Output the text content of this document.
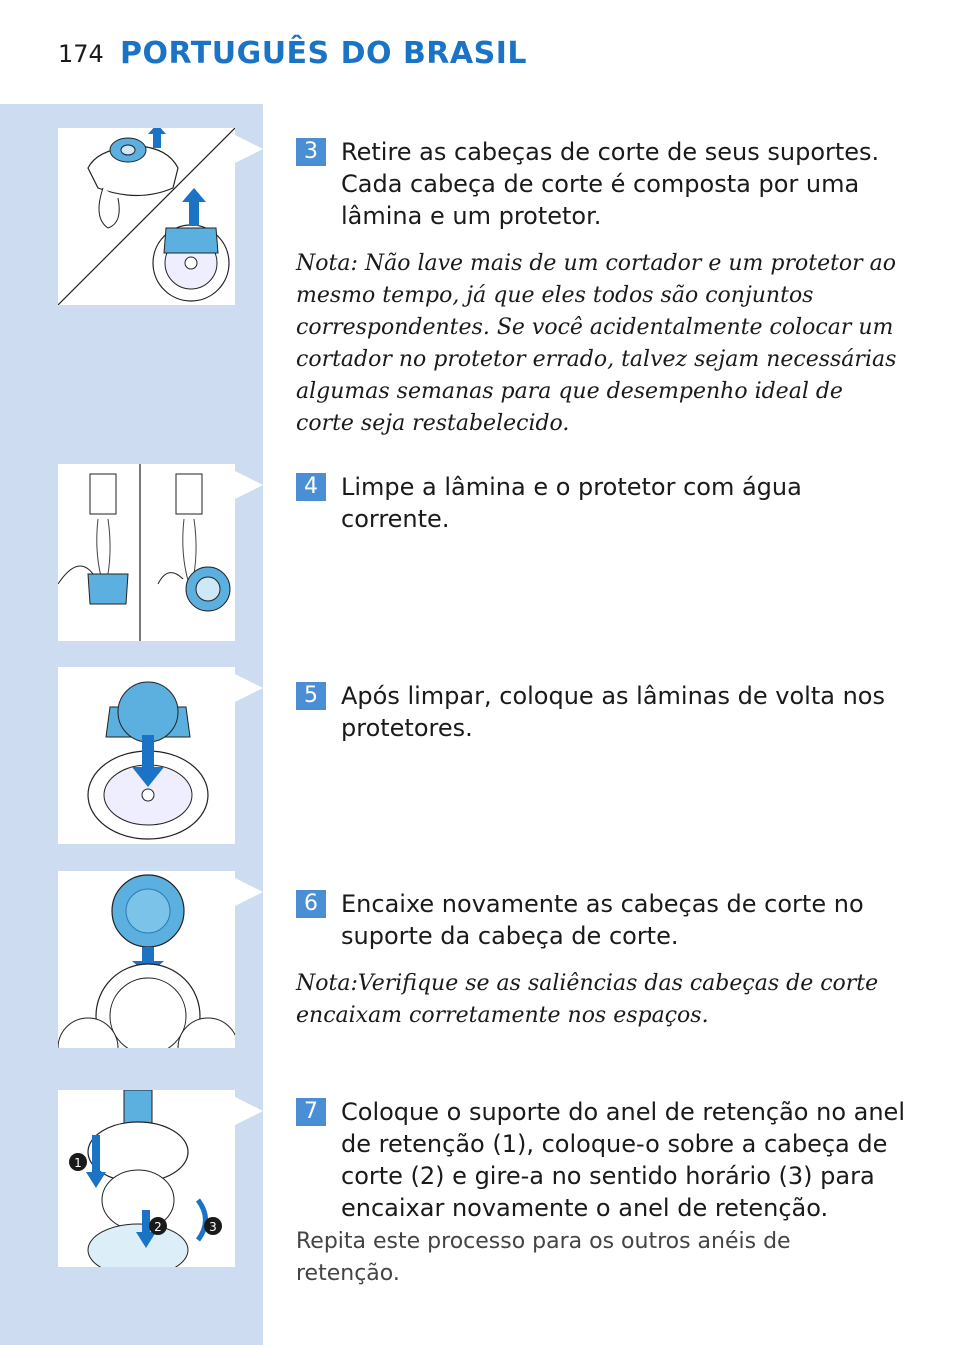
174 PORTUGUÊS DO BRASIL
1
2	3
3 Retire as cabeças de corte de seus suportes. Cada cabeça de corte é composta por uma lâmina e um protetor.
Nota: Não lave mais de um cortador e um protetor ao mesmo tempo, já que eles todos são conjuntos correspondentes. Se você acidentalmente colocar um cortador no protetor errado, talvez sejam necessárias algumas semanas para que desempenho ideal de corte seja restabelecido.
4 Limpe a lâmina e o protetor com água corrente.
5 Após limpar, coloque as lâminas de volta nos protetores.
6 Encaixe novamente as cabeças de corte no suporte da cabeça de corte.
Nota:Verifique se as saliências das cabeças de corte encaixam corretamente nos espaços.
7 Coloque o suporte do anel de retenção no anel de retenção (1), coloque-o sobre a cabeça de corte (2) e gire-a no sentido horário (3) para encaixar novamente o anel de retenção.
Repita este processo para os outros anéis de retenção.
